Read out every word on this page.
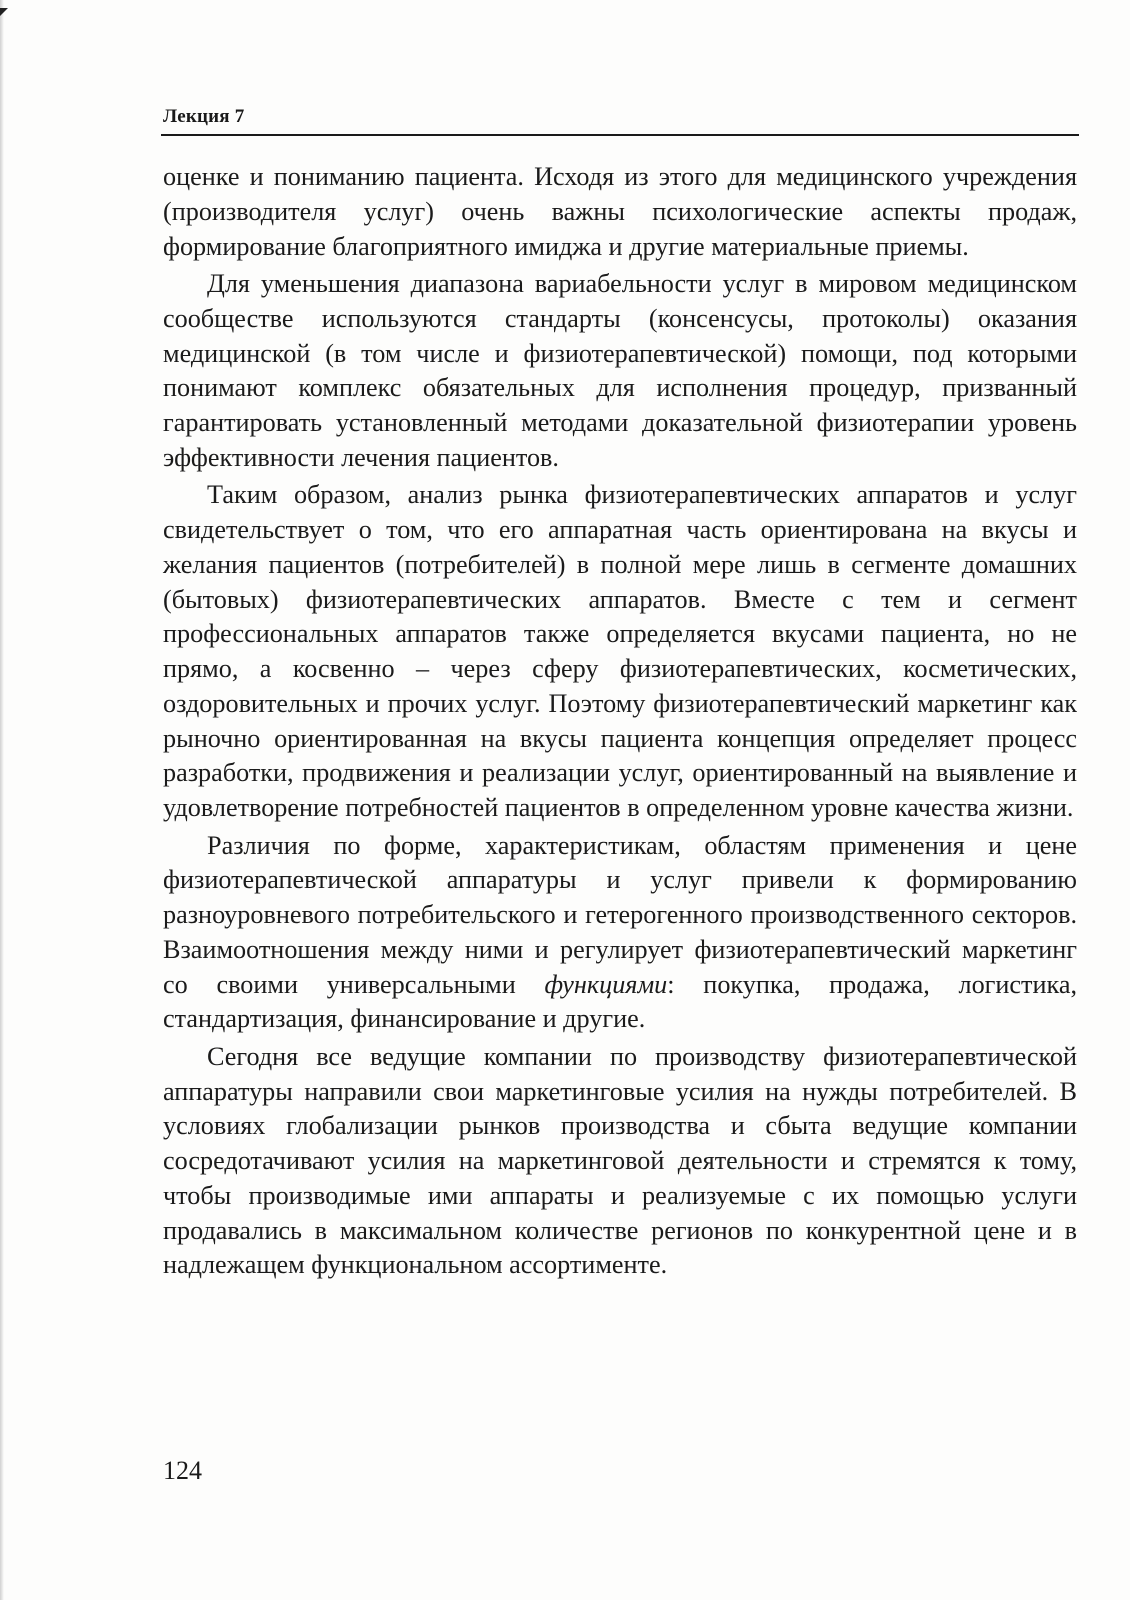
Лекция 7

оценке и пониманию пациента. Исходя из этого для медицинского учреждения (производителя услуг) очень важны психологические аспекты продаж, формирование благоприятного имиджа и другие материальные приемы.

Для уменьшения диапазона вариабельности услуг в мировом медицинском сообществе используются стандарты (консенсусы, протоколы) оказания медицинской (в том числе и физиотерапевтической) помощи, под которыми понимают комплекс обязательных для исполнения процедур, призванный гарантировать установленный методами доказательной физиотерапии уровень эффективности лечения пациентов.

Таким образом, анализ рынка физиотерапевтических аппаратов и услуг свидетельствует о том, что его аппаратная часть ориентирована на вкусы и желания пациентов (потребителей) в полной мере лишь в сегменте домашних (бытовых) физиотерапевтических аппаратов. Вместе с тем и сегмент профессиональных аппаратов также определяется вкусами пациента, но не прямо, а косвенно – через сферу физиотерапевтических, косметических, оздоровительных и прочих услуг. Поэтому физиотерапевтический маркетинг как рыночно ориентированная на вкусы пациента концепция определяет процесс разработки, продвижения и реализации услуг, ориентированный на выявление и удовлетворение потребностей пациентов в определенном уровне качества жизни.

Различия по форме, характеристикам, областям применения и цене физиотерапевтической аппаратуры и услуг привели к формированию разноуровневого потребительского и гетерогенного производственного секторов. Взаимоотношения между ними и регулирует физиотерапевтический маркетинг со своими универсальными функциями: покупка, продажа, логистика, стандартизация, финансирование и другие.

Сегодня все ведущие компании по производству физиотерапевтической аппаратуры направили свои маркетинговые усилия на нужды потребителей. В условиях глобализации рынков производства и сбыта ведущие компании сосредотачивают усилия на маркетинговой деятельности и стремятся к тому, чтобы производимые ими аппараты и реализуемые с их помощью услуги продавались в максимальном количестве регионов по конкурентной цене и в надлежащем функциональном ассортименте.

124
